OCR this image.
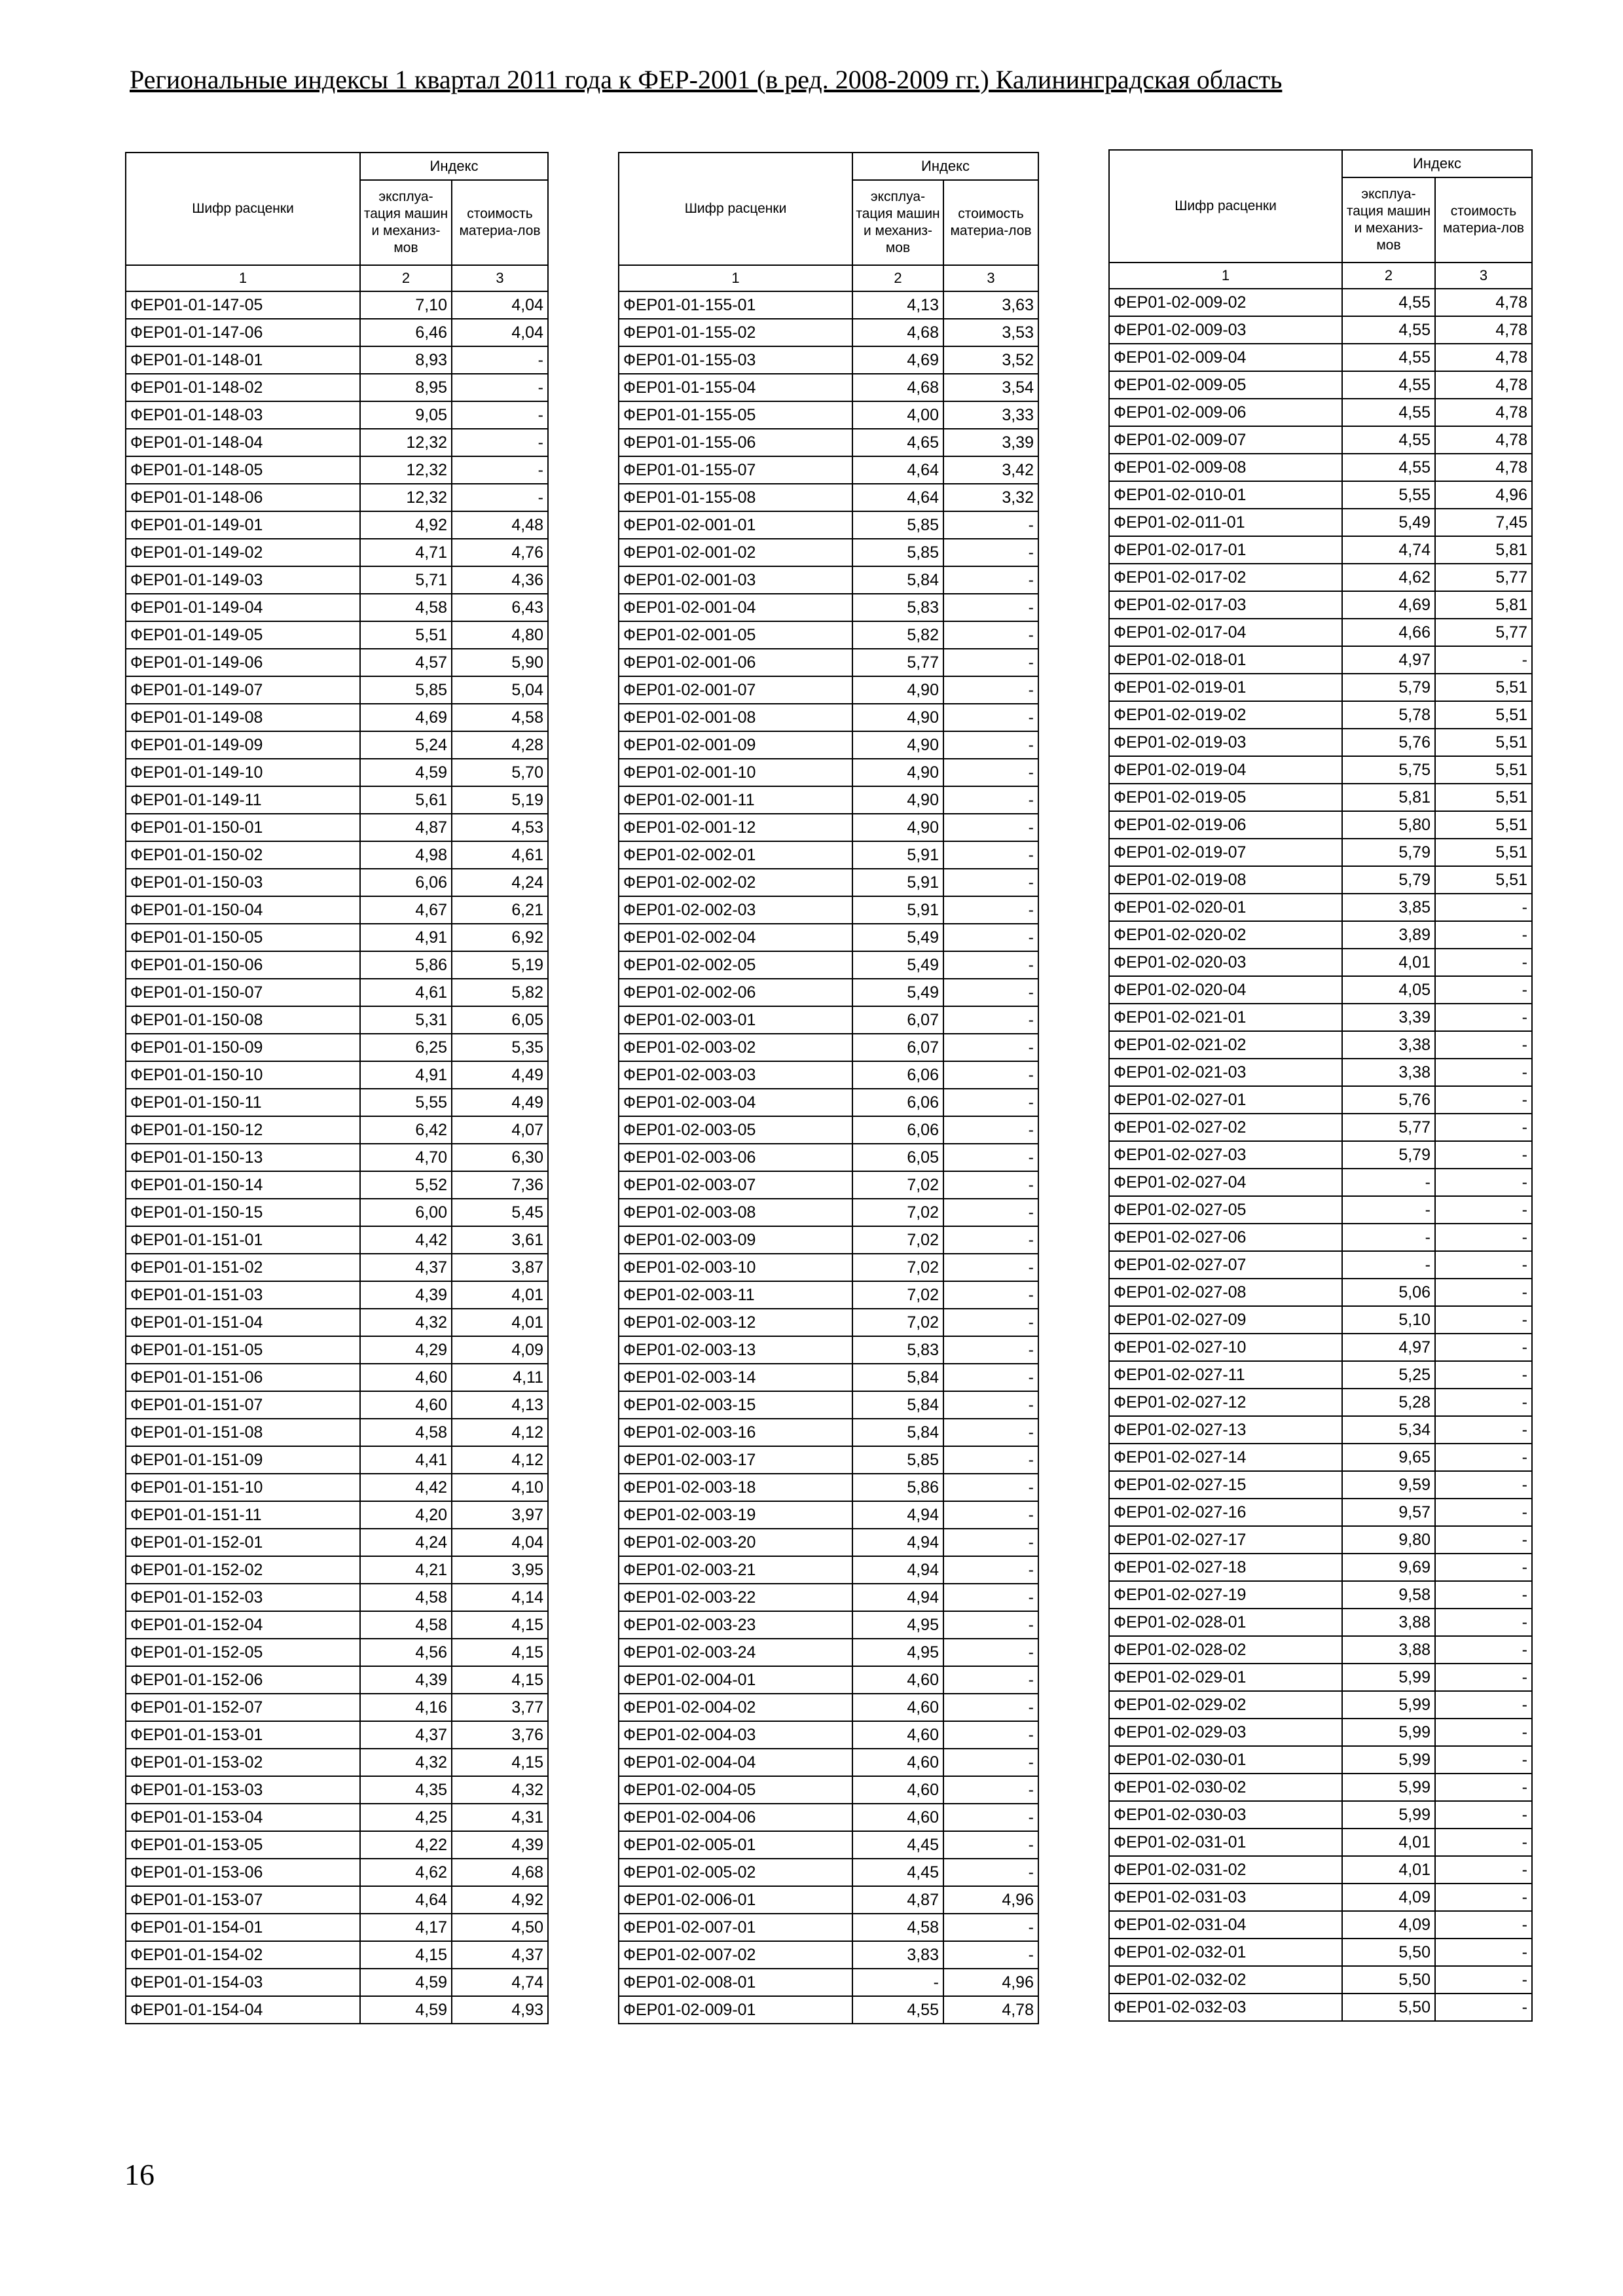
Региональные индексы 1 квартал 2011 года к ФЕР-2001 (в ред. 2008-2009 гг.) Калининградская область
Шифр расценки	Индекс	
	эксплуа-тация машин и механиз-мов	стоимость материа-лов
1	2	3
ФЕР01-01-147-05	7,10	4,04
ФЕР01-01-147-06	6,46	4,04
ФЕР01-01-148-01	8,93	-
ФЕР01-01-148-02	8,95	-
ФЕР01-01-148-03	9,05	-
ФЕР01-01-148-04	12,32	-
ФЕР01-01-148-05	12,32	-
ФЕР01-01-148-06	12,32	-
ФЕР01-01-149-01	4,92	4,48
ФЕР01-01-149-02	4,71	4,76
ФЕР01-01-149-03	5,71	4,36
ФЕР01-01-149-04	4,58	6,43
ФЕР01-01-149-05	5,51	4,80
ФЕР01-01-149-06	4,57	5,90
ФЕР01-01-149-07	5,85	5,04
ФЕР01-01-149-08	4,69	4,58
ФЕР01-01-149-09	5,24	4,28
ФЕР01-01-149-10	4,59	5,70
ФЕР01-01-149-11	5,61	5,19
ФЕР01-01-150-01	4,87	4,53
ФЕР01-01-150-02	4,98	4,61
ФЕР01-01-150-03	6,06	4,24
ФЕР01-01-150-04	4,67	6,21
ФЕР01-01-150-05	4,91	6,92
ФЕР01-01-150-06	5,86	5,19
ФЕР01-01-150-07	4,61	5,82
ФЕР01-01-150-08	5,31	6,05
ФЕР01-01-150-09	6,25	5,35
ФЕР01-01-150-10	4,91	4,49
ФЕР01-01-150-11	5,55	4,49
ФЕР01-01-150-12	6,42	4,07
ФЕР01-01-150-13	4,70	6,30
ФЕР01-01-150-14	5,52	7,36
ФЕР01-01-150-15	6,00	5,45
ФЕР01-01-151-01	4,42	3,61
ФЕР01-01-151-02	4,37	3,87
ФЕР01-01-151-03	4,39	4,01
ФЕР01-01-151-04	4,32	4,01
ФЕР01-01-151-05	4,29	4,09
ФЕР01-01-151-06	4,60	4,11
ФЕР01-01-151-07	4,60	4,13
ФЕР01-01-151-08	4,58	4,12
ФЕР01-01-151-09	4,41	4,12
ФЕР01-01-151-10	4,42	4,10
ФЕР01-01-151-11	4,20	3,97
ФЕР01-01-152-01	4,24	4,04
ФЕР01-01-152-02	4,21	3,95
ФЕР01-01-152-03	4,58	4,14
ФЕР01-01-152-04	4,58	4,15
ФЕР01-01-152-05	4,56	4,15
ФЕР01-01-152-06	4,39	4,15
ФЕР01-01-152-07	4,16	3,77
ФЕР01-01-153-01	4,37	3,76
ФЕР01-01-153-02	4,32	4,15
ФЕР01-01-153-03	4,35	4,32
ФЕР01-01-153-04	4,25	4,31
ФЕР01-01-153-05	4,22	4,39
ФЕР01-01-153-06	4,62	4,68
ФЕР01-01-153-07	4,64	4,92
ФЕР01-01-154-01	4,17	4,50
ФЕР01-01-154-02	4,15	4,37
ФЕР01-01-154-03	4,59	4,74
ФЕР01-01-154-04	4,59	4,93
Шифр расценки	Индекс	
	эксплуа-тация машин и механиз-мов	стоимость материа-лов
1	2	3
ФЕР01-01-155-01	4,13	3,63
ФЕР01-01-155-02	4,68	3,53
ФЕР01-01-155-03	4,69	3,52
ФЕР01-01-155-04	4,68	3,54
ФЕР01-01-155-05	4,00	3,33
ФЕР01-01-155-06	4,65	3,39
ФЕР01-01-155-07	4,64	3,42
ФЕР01-01-155-08	4,64	3,32
ФЕР01-02-001-01	5,85	-
ФЕР01-02-001-02	5,85	-
ФЕР01-02-001-03	5,84	-
ФЕР01-02-001-04	5,83	-
ФЕР01-02-001-05	5,82	-
ФЕР01-02-001-06	5,77	-
ФЕР01-02-001-07	4,90	-
ФЕР01-02-001-08	4,90	-
ФЕР01-02-001-09	4,90	-
ФЕР01-02-001-10	4,90	-
ФЕР01-02-001-11	4,90	-
ФЕР01-02-001-12	4,90	-
ФЕР01-02-002-01	5,91	-
ФЕР01-02-002-02	5,91	-
ФЕР01-02-002-03	5,91	-
ФЕР01-02-002-04	5,49	-
ФЕР01-02-002-05	5,49	-
ФЕР01-02-002-06	5,49	-
ФЕР01-02-003-01	6,07	-
ФЕР01-02-003-02	6,07	-
ФЕР01-02-003-03	6,06	-
ФЕР01-02-003-04	6,06	-
ФЕР01-02-003-05	6,06	-
ФЕР01-02-003-06	6,05	-
ФЕР01-02-003-07	7,02	-
ФЕР01-02-003-08	7,02	-
ФЕР01-02-003-09	7,02	-
ФЕР01-02-003-10	7,02	-
ФЕР01-02-003-11	7,02	-
ФЕР01-02-003-12	7,02	-
ФЕР01-02-003-13	5,83	-
ФЕР01-02-003-14	5,84	-
ФЕР01-02-003-15	5,84	-
ФЕР01-02-003-16	5,84	-
ФЕР01-02-003-17	5,85	-
ФЕР01-02-003-18	5,86	-
ФЕР01-02-003-19	4,94	-
ФЕР01-02-003-20	4,94	-
ФЕР01-02-003-21	4,94	-
ФЕР01-02-003-22	4,94	-
ФЕР01-02-003-23	4,95	-
ФЕР01-02-003-24	4,95	-
ФЕР01-02-004-01	4,60	-
ФЕР01-02-004-02	4,60	-
ФЕР01-02-004-03	4,60	-
ФЕР01-02-004-04	4,60	-
ФЕР01-02-004-05	4,60	-
ФЕР01-02-004-06	4,60	-
ФЕР01-02-005-01	4,45	-
ФЕР01-02-005-02	4,45	-
ФЕР01-02-006-01	4,87	4,96
ФЕР01-02-007-01	4,58	-
ФЕР01-02-007-02	3,83	-
ФЕР01-02-008-01	-	4,96
ФЕР01-02-009-01	4,55	4,78
Шифр расценки	Индекс	
	эксплуа-тация машин и механиз-мов	стоимость материа-лов
1	2	3
ФЕР01-02-009-02	4,55	4,78
ФЕР01-02-009-03	4,55	4,78
ФЕР01-02-009-04	4,55	4,78
ФЕР01-02-009-05	4,55	4,78
ФЕР01-02-009-06	4,55	4,78
ФЕР01-02-009-07	4,55	4,78
ФЕР01-02-009-08	4,55	4,78
ФЕР01-02-010-01	5,55	4,96
ФЕР01-02-011-01	5,49	7,45
ФЕР01-02-017-01	4,74	5,81
ФЕР01-02-017-02	4,62	5,77
ФЕР01-02-017-03	4,69	5,81
ФЕР01-02-017-04	4,66	5,77
ФЕР01-02-018-01	4,97	-
ФЕР01-02-019-01	5,79	5,51
ФЕР01-02-019-02	5,78	5,51
ФЕР01-02-019-03	5,76	5,51
ФЕР01-02-019-04	5,75	5,51
ФЕР01-02-019-05	5,81	5,51
ФЕР01-02-019-06	5,80	5,51
ФЕР01-02-019-07	5,79	5,51
ФЕР01-02-019-08	5,79	5,51
ФЕР01-02-020-01	3,85	-
ФЕР01-02-020-02	3,89	-
ФЕР01-02-020-03	4,01	-
ФЕР01-02-020-04	4,05	-
ФЕР01-02-021-01	3,39	-
ФЕР01-02-021-02	3,38	-
ФЕР01-02-021-03	3,38	-
ФЕР01-02-027-01	5,76	-
ФЕР01-02-027-02	5,77	-
ФЕР01-02-027-03	5,79	-
ФЕР01-02-027-04	-	-
ФЕР01-02-027-05	-	-
ФЕР01-02-027-06	-	-
ФЕР01-02-027-07	-	-
ФЕР01-02-027-08	5,06	-
ФЕР01-02-027-09	5,10	-
ФЕР01-02-027-10	4,97	-
ФЕР01-02-027-11	5,25	-
ФЕР01-02-027-12	5,28	-
ФЕР01-02-027-13	5,34	-
ФЕР01-02-027-14	9,65	-
ФЕР01-02-027-15	9,59	-
ФЕР01-02-027-16	9,57	-
ФЕР01-02-027-17	9,80	-
ФЕР01-02-027-18	9,69	-
ФЕР01-02-027-19	9,58	-
ФЕР01-02-028-01	3,88	-
ФЕР01-02-028-02	3,88	-
ФЕР01-02-029-01	5,99	-
ФЕР01-02-029-02	5,99	-
ФЕР01-02-029-03	5,99	-
ФЕР01-02-030-01	5,99	-
ФЕР01-02-030-02	5,99	-
ФЕР01-02-030-03	5,99	-
ФЕР01-02-031-01	4,01	-
ФЕР01-02-031-02	4,01	-
ФЕР01-02-031-03	4,09	-
ФЕР01-02-031-04	4,09	-
ФЕР01-02-032-01	5,50	-
ФЕР01-02-032-02	5,50	-
ФЕР01-02-032-03	5,50	-
16
